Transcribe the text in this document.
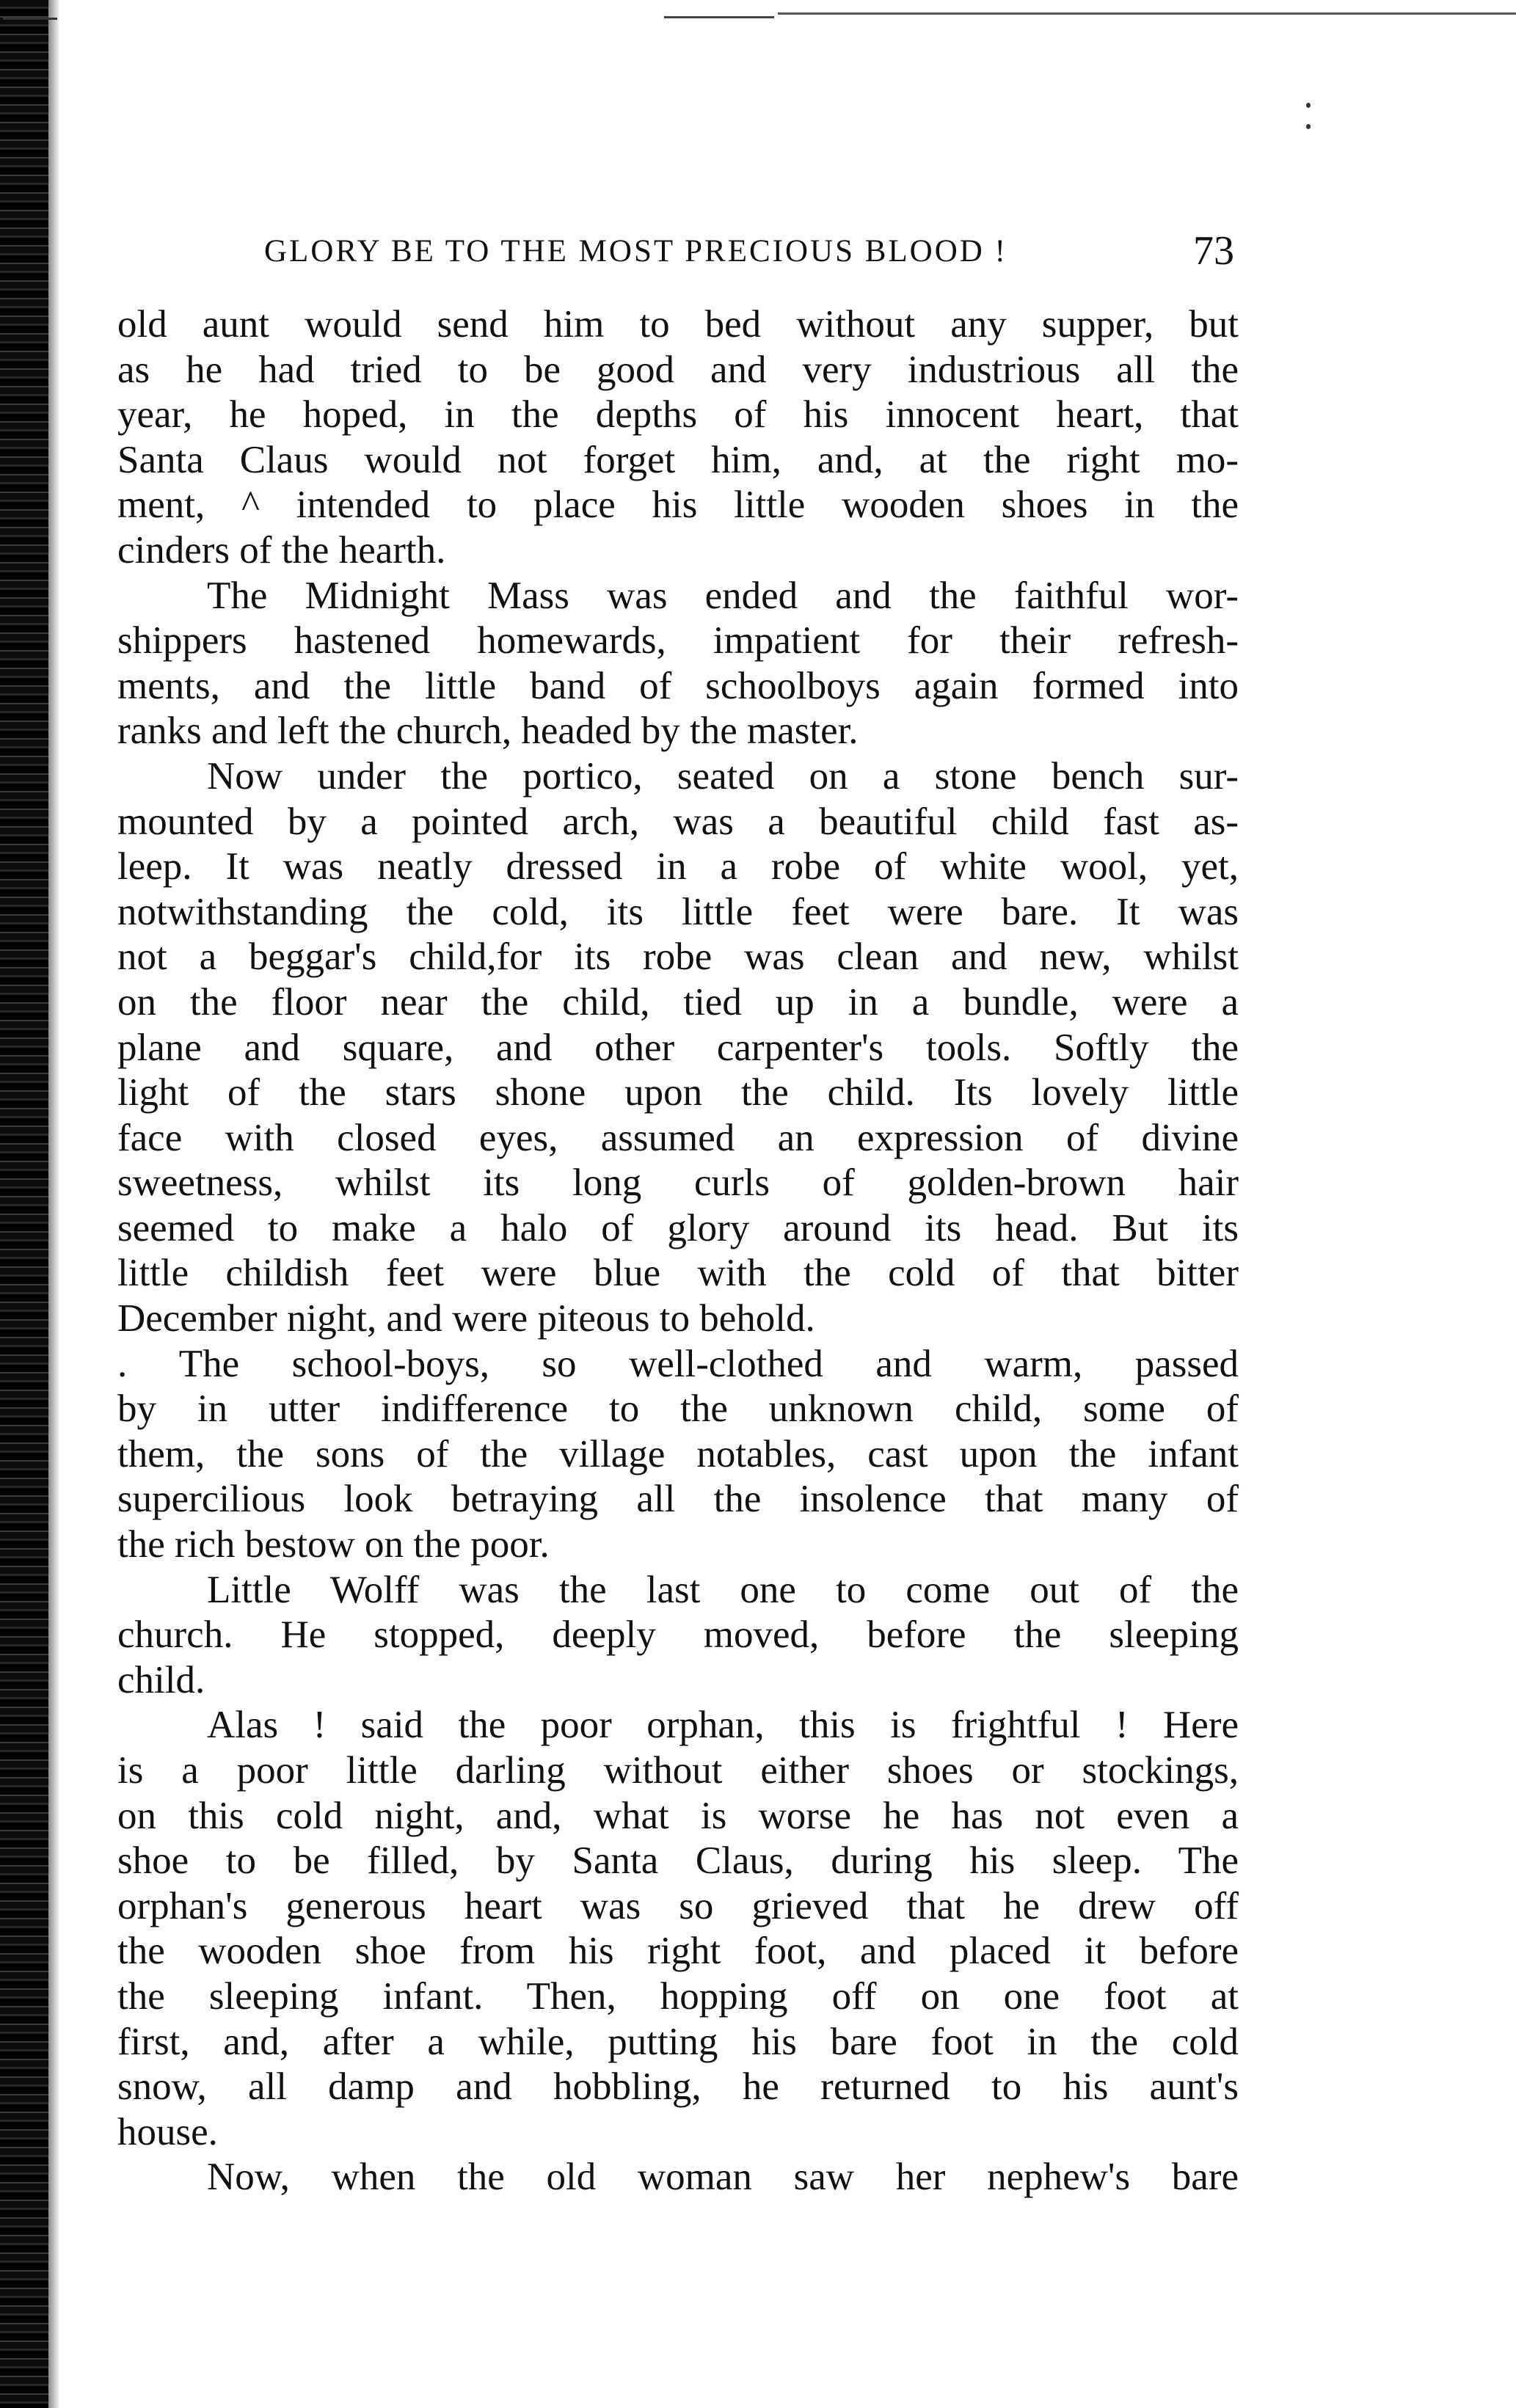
GLORY BE TO THE MOST PRECIOUS BLOOD !	73
old aunt would send him to bed without any supper, but
as he had tried to be good and very industrious all the
year, he hoped, in the depths of his innocent heart, that
Santa Claus would not forget him, and, at the right mo-
ment, ^ intended to place his little wooden shoes in the
cinders of the hearth.
The Midnight Mass was ended and the faithful wor-
shippers hastened homewards, impatient for their refresh-
ments, and the little band of schoolboys again formed into
ranks and left the church, headed by the master.
Now under the portico, seated on a stone bench sur-
mounted by a pointed arch, was a beautiful child fast as-
leep. It was neatly dressed in a robe of white wool, yet,
notwithstanding the cold, its little feet were bare. It was
not a beggar's child,for its robe was clean and new, whilst
on the floor near the child, tied up in a bundle, were a
plane and square, and other carpenter's tools. Softly the
light of the stars shone upon the child. Its lovely little
face with closed eyes, assumed an expression of divine
sweetness, whilst its long curls of golden-brown hair
seemed to make a halo of glory around its head. But its
little childish feet were blue with the cold of that bitter
December night, and were piteous to behold.
. The school-boys, so well-clothed and warm, passed
by in utter indifference to the unknown child, some of
them, the sons of the village notables, cast upon the infant
supercilious look betraying all the insolence that many of
the rich bestow on the poor.
Little Wolff was the last one to come out of the
church. He stopped, deeply moved, before the sleeping
child.
Alas ! said the poor orphan, this is frightful ! Here
is a poor little darling without either shoes or stockings,
on this cold night, and, what is worse he has not even a
shoe to be filled, by Santa Claus, during his sleep. The
orphan's generous heart was so grieved that he drew off
the wooden shoe from his right foot, and placed it before
the sleeping infant. Then, hopping off on one foot at
first, and, after a while, putting his bare foot in the cold
snow, all damp and hobbling, he returned to his aunt's
house.
Now, when the old woman saw her nephew's bare
